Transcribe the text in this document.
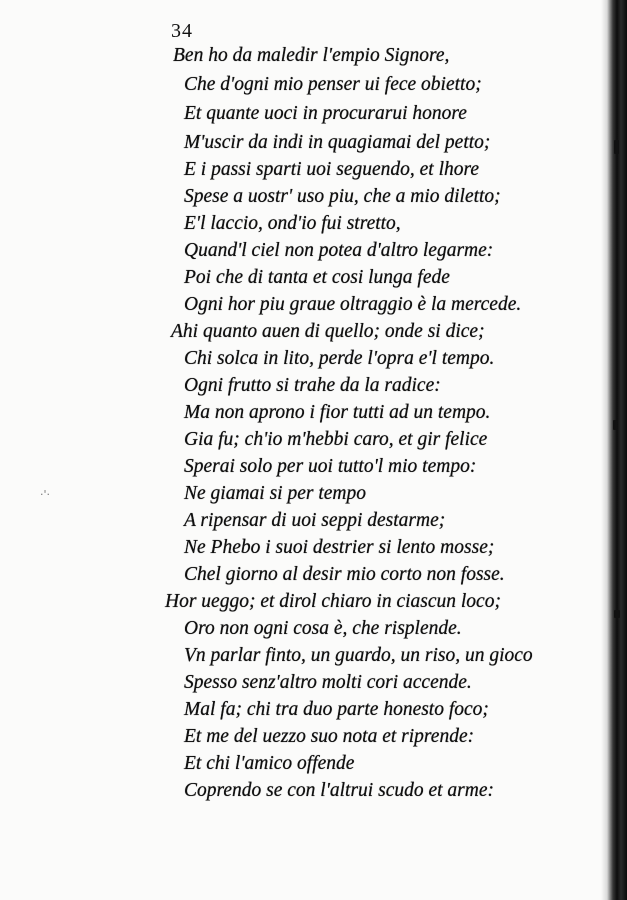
34
·'·
Ben ho da maledir l'empio Signore,
Che d'ogni mio penser ui fece obietto;
Et quante uoci in procurarui honore
M'uscir da indi in quagiamai del petto;
E i passi sparti uoi seguendo, et lhore
Spese a uostr' uso piu, che a mio diletto;
E'l laccio, ond'io fui stretto,
Quand'l ciel non potea d'altro legarme:
Poi che di tanta et cosi lunga fede
Ogni hor piu graue oltraggio è la mercede.
Ahi quanto auen di quello; onde si dice;
Chi solca in lito, perde l'opra e'l tempo.
Ogni frutto si trahe da la radice:
Ma non aprono i fior tutti ad un tempo.
Gia fu; ch'io m'hebbi caro, et gir felice
Sperai solo per uoi tutto'l mio tempo:
Ne giamai si per tempo
A ripensar di uoi seppi destarme;
Ne Phebo i suoi destrier si lento mosse;
Chel giorno al desir mio corto non fosse.
Hor ueggo; et dirol chiaro in ciascun loco;
Oro non ogni cosa è, che risplende.
Vn parlar finto, un guardo, un riso, un gioco
Spesso senz'altro molti cori accende.
Mal fa; chi tra duo parte honesto foco;
Et me del uezzo suo nota et riprende:
Et chi l'amico offende
Coprendo se con l'altrui scudo et arme:
